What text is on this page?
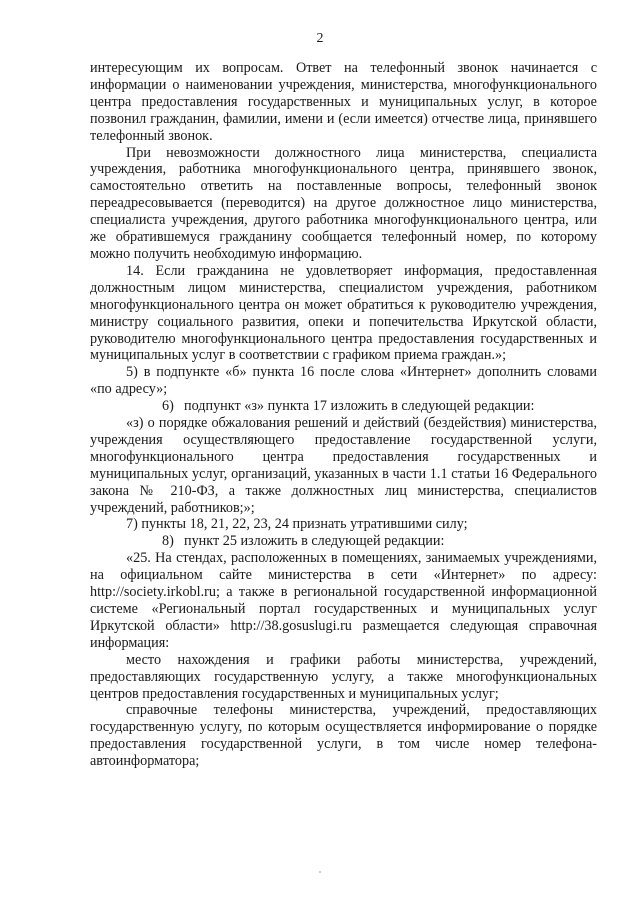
2

интересующим их вопросам. Ответ на телефонный звонок начинается с информации о наименовании учреждения, министерства, многофункционального центра предоставления государственных и муниципальных услуг, в которое позвонил гражданин, фамилии, имени и (если имеется) отчестве лица, принявшего телефонный звонок.

При невозможности должностного лица министерства, специалиста учреждения, работника многофункционального центра, принявшего звонок, самостоятельно ответить на поставленные вопросы, телефонный звонок переадресовывается (переводится) на другое должностное лицо министерства, специалиста учреждения, другого работника многофункционального центра, или же обратившемуся гражданину сообщается телефонный номер, по которому можно получить необходимую информацию.

14. Если гражданина не удовлетворяет информация, предоставленная должностным лицом министерства, специалистом учреждения, работником многофункционального центра он может обратиться к руководителю учреждения, министру социального развития, опеки и попечительства Иркутской области, руководителю многофункционального центра предоставления государственных и муниципальных услуг в соответствии с графиком приема граждан.»;

5) в подпункте «б» пункта 16 после слова «Интернет» дополнить словами «по адресу»;

6) подпункт «з» пункта 17 изложить в следующей редакции:

«з) о порядке обжалования решений и действий (бездействия) министерства, учреждения осуществляющего предоставление государственной услуги, многофункционального центра предоставления государственных и муниципальных услуг, организаций, указанных в части 1.1 статьи 16 Федерального закона № 210-ФЗ, а также должностных лиц министерства, специалистов учреждений, работников;»;

7) пункты 18, 21, 22, 23, 24 признать утратившими силу;

8) пункт 25 изложить в следующей редакции:

«25. На стендах, расположенных в помещениях, занимаемых учреждениями, на официальном сайте министерства в сети «Интернет» по адресу: http://society.irkobl.ru; а также в региональной государственной информационной системе «Региональный портал государственных и муниципальных услуг Иркутской области» http://38.gosuslugi.ru размещается следующая справочная информация:

место нахождения и графики работы министерства, учреждений, предоставляющих государственную услугу, а также многофункциональных центров предоставления государственных и муниципальных услуг;

справочные телефоны министерства, учреждений, предоставляющих государственную услугу, по которым осуществляется информирование о порядке предоставления государственной услуги, в том числе номер телефона-автоинформатора;
